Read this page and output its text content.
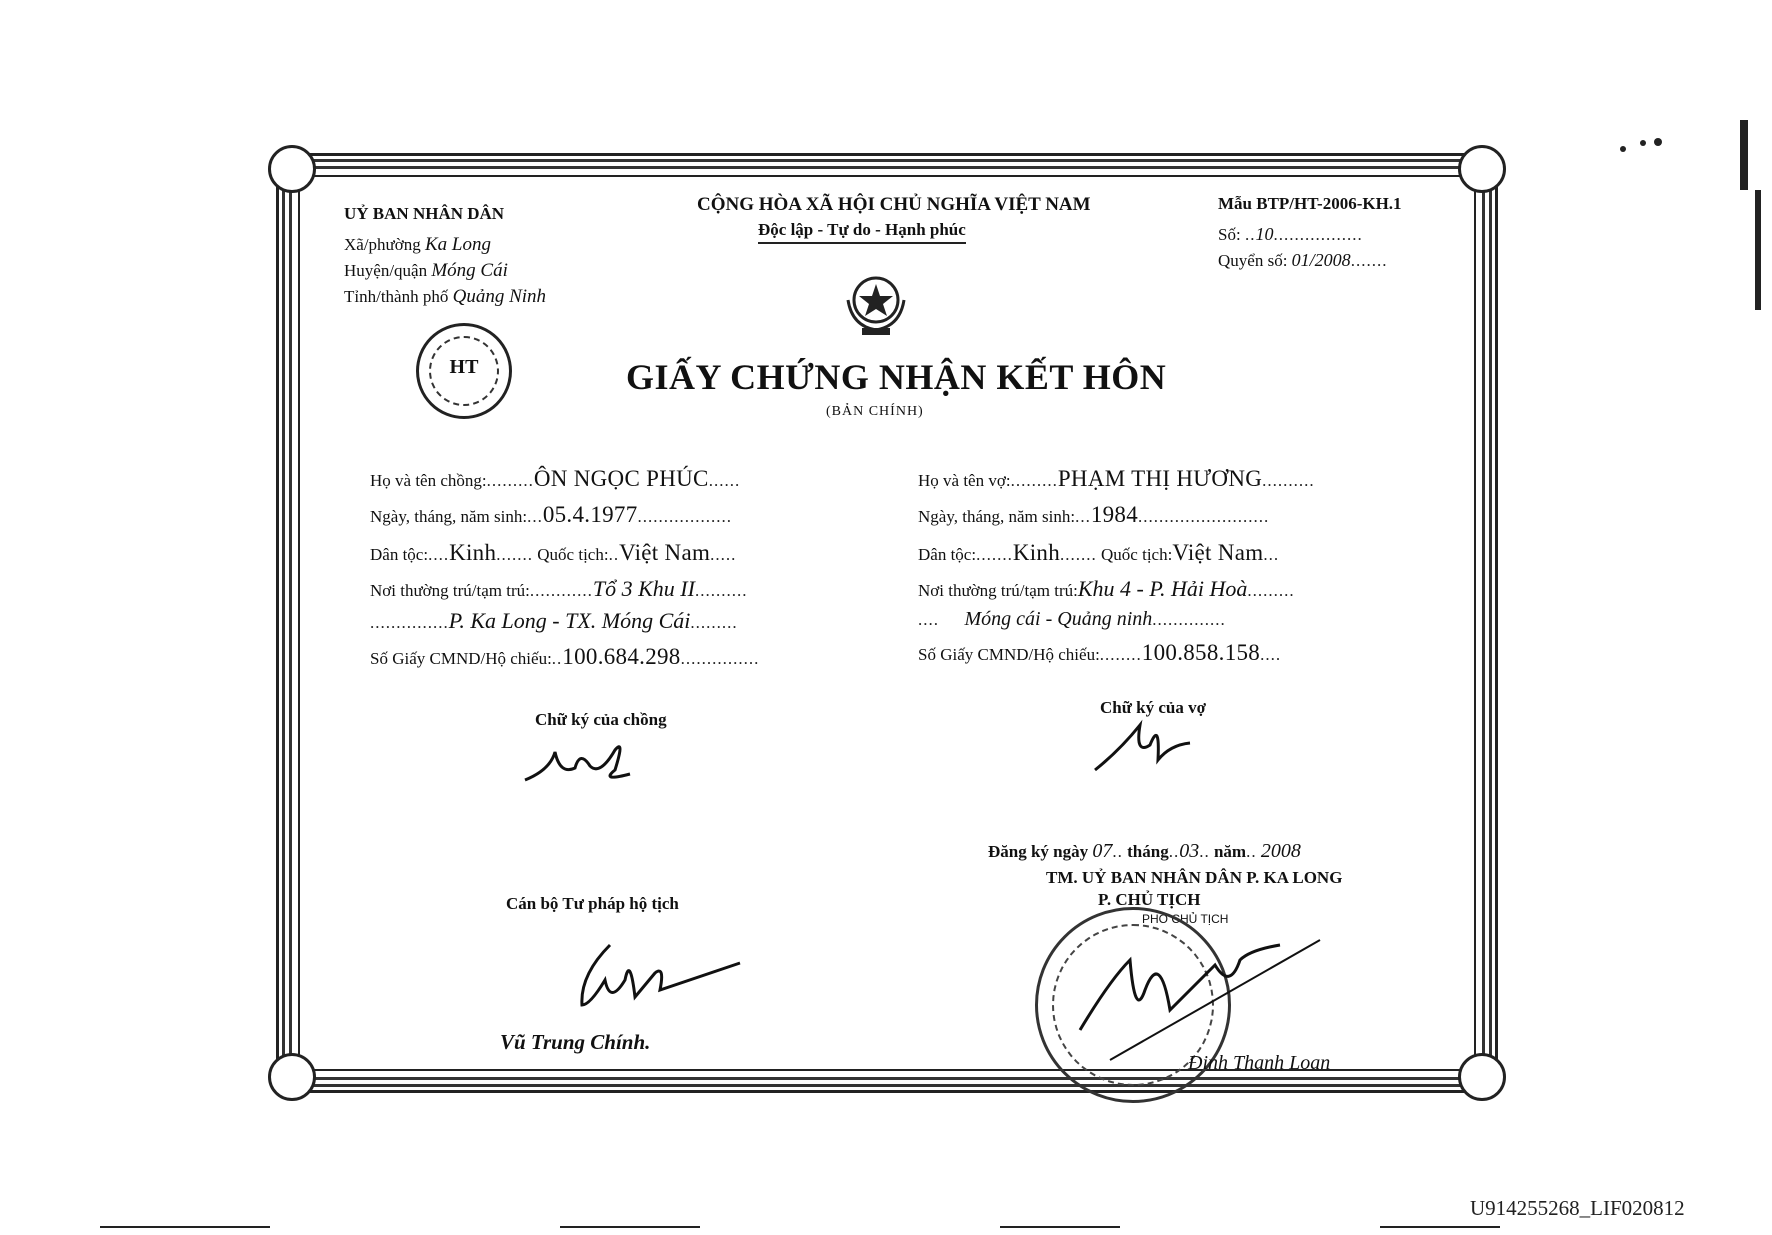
UỶ BAN NHÂN DÂN
Xã/phường Ka Long
Huyện/quận Móng Cái
Tỉnh/thành phố Quảng Ninh
HT
CỘNG HÒA XÃ HỘI CHỦ NGHĨA VIỆT NAM
Độc lập - Tự do - Hạnh phúc
Mẫu BTP/HT-2006-KH.1
Số: ..10.................
Quyển số: 01/2008.......
GIẤY CHỨNG NHẬN KẾT HÔN
(BẢN CHÍNH)
Họ và tên chồng:.........ÔN NGỌC PHÚC......
Ngày, tháng, năm sinh:...05.4.1977..................
Dân tộc:....Kinh....... Quốc tịch:..Việt Nam.....
Nơi thường trú/tạm trú:............Tổ 3 Khu II..........
...............P. Ka Long - TX. Móng Cái.........
Số Giấy CMND/Hộ chiếu:..100.684.298...............
Họ và tên vợ:.........PHẠM THỊ HƯƠNG..........
Ngày, tháng, năm sinh:...1984.........................
Dân tộc:.......Kinh....... Quốc tịch:Việt Nam...
Nơi thường trú/tạm trú:Khu 4 - P. Hải Hoà.........
.... Móng cái - Quảng ninh..............
Số Giấy CMND/Hộ chiếu:........100.858.158....
Chữ ký của chồng
Chữ ký của vợ
Đăng ký ngày 07.. tháng..03.. năm.. 2008
TM. UỶ BAN NHÂN DÂN P. KA LONG
P. CHỦ TỊCH
PHÓ CHỦ TỊCH
Đinh Thanh Loan
Cán bộ Tư pháp hộ tịch
Vũ Trung Chính.
U914255268_LIF020812
